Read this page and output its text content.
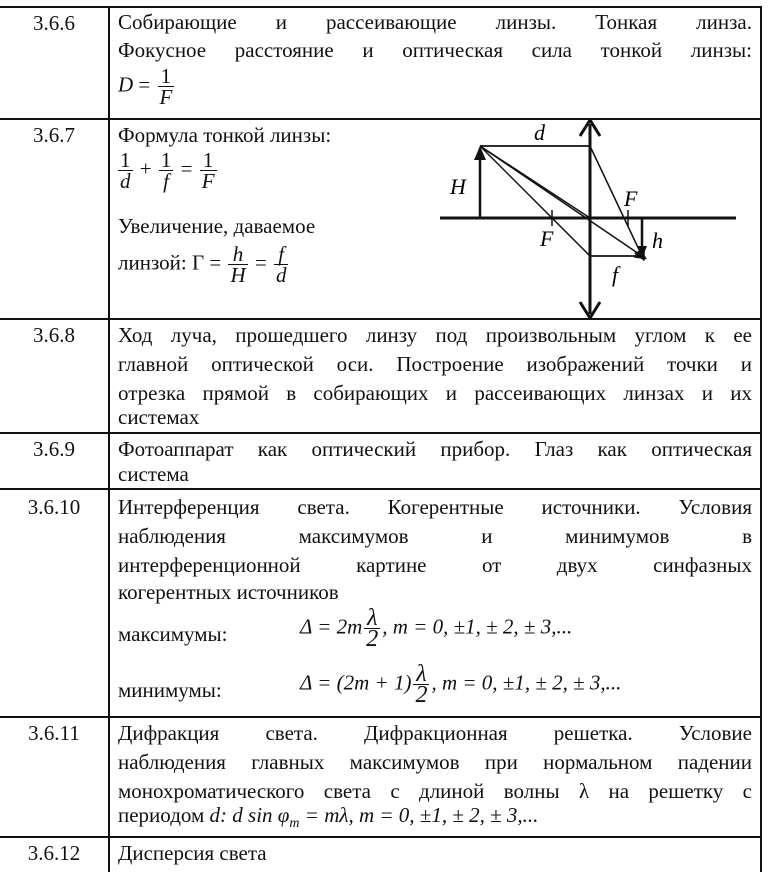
3.6.6	Собирающие и рассеивающие линзы. Тонкая линза.
Фокусное расстояние и оптическая сила тонкой линзы:
$D = \frac{1}{F}$
3.6.7	Формула тонкой линзы:
$\frac{1}{d} + \frac{1}{f} = \frac{1}{F}$
Увеличение, даваемое
линзой: $\Gamma = \frac{h}{H} = \frac{f}{d}$
d
H	F
F	h
f
3.6.8	Ход луча, прошедшего линзу под произвольным углом к ее
главной оптической оси. Построение изображений точки и
отрезка прямой в собирающих и рассеивающих линзах и их
системах
3.6.9	Фотоаппарат как оптический прибор. Глаз как оптическая
система
3.6.10	Интерференция света. Когерентные источники. Условия
наблюдения максимумов и минимумов в
интерференционной картине от двух синфазных
когерентных источников
максимумы:	$\Delta = 2m \frac{\lambda}{2}$ , m = 0, ±1, ± 2, ± 3,...
минимумы:	$\Delta = (2m + 1) \frac{\lambda}{2}$ , m = 0, ±1, ± 2, ± 3,...
3.6.11	Дифракция света. Дифракционная решетка. Условие
наблюдения главных максимумов при нормальном падении
монохроматического света с длиной волны λ на решетку с
периодом d: d $\sin \varphi_m = m\lambda$, m = 0, ±1, ± 2, ± 3,...
3.6.12	Дисперсия света
